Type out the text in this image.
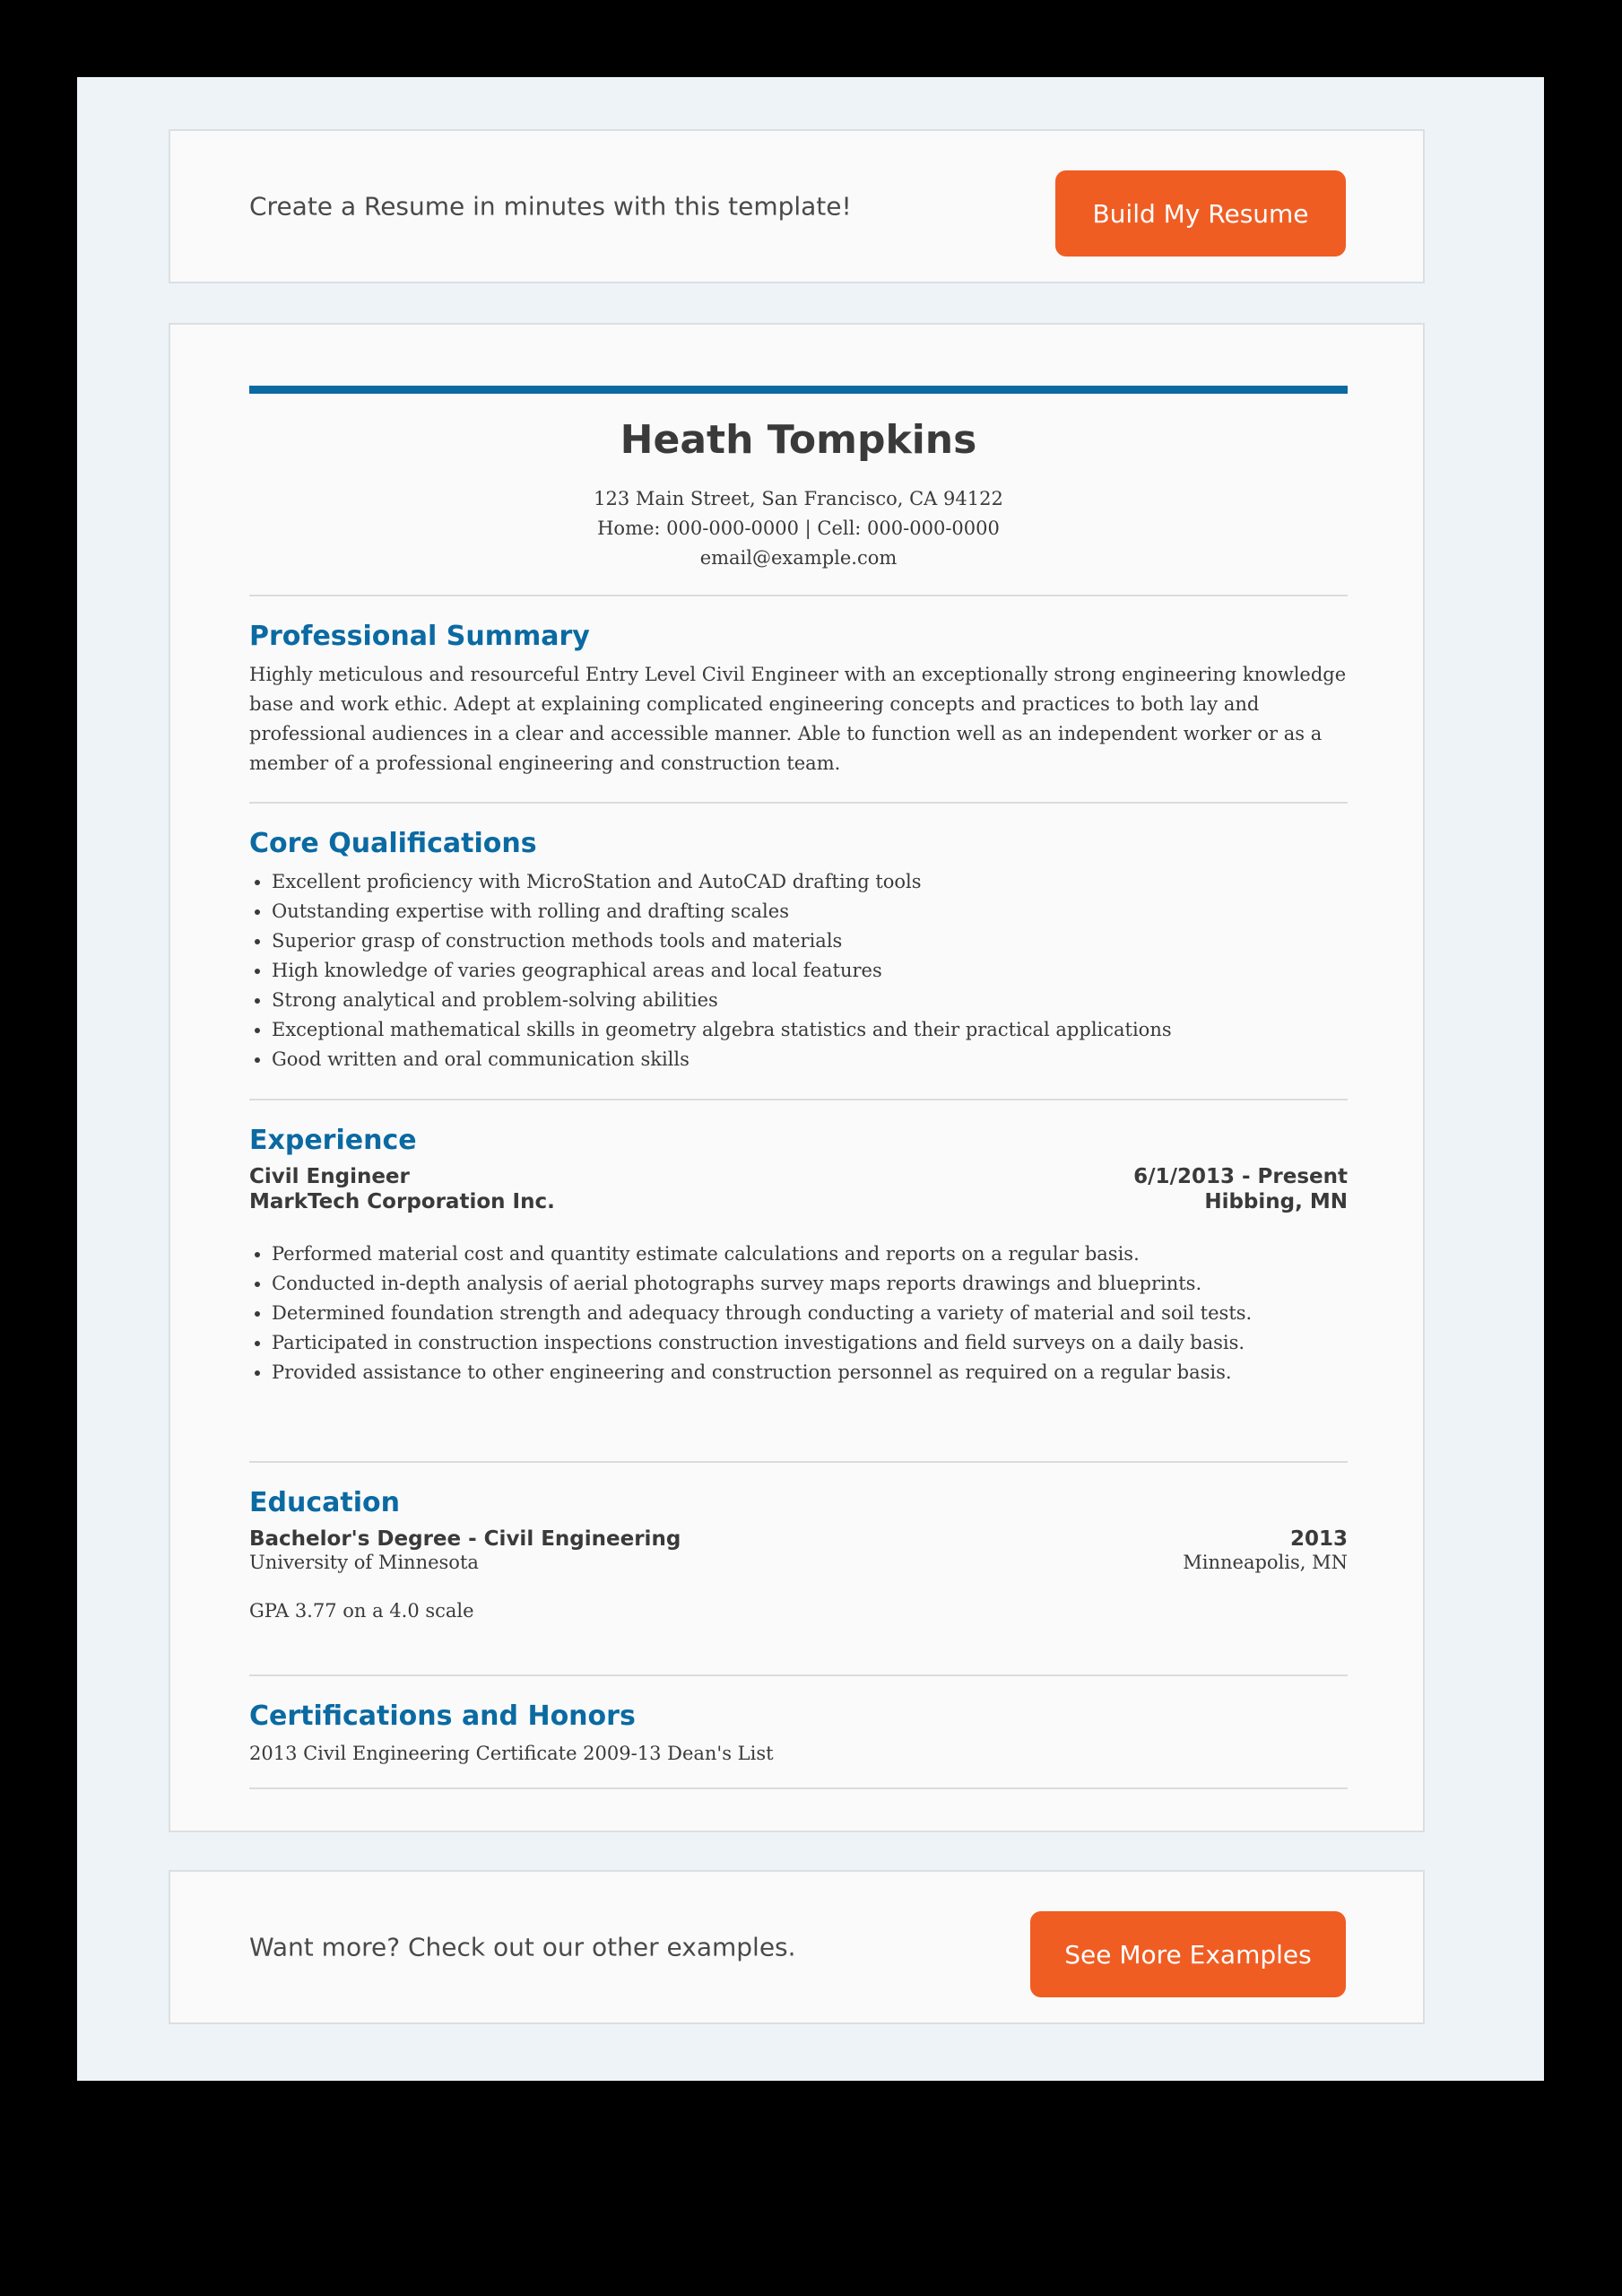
Create a Resume in minutes with this template!	Build My Resume
Heath Tompkins
123 Main Street, San Francisco, CA 94122
Home: 000-000-0000 | Cell: 000-000-0000
email@example.com
Professional Summary
Highly meticulous and resourceful Entry Level Civil Engineer with an exceptionally strong engineering knowledge base and work ethic. Adept at explaining complicated engineering concepts and practices to both lay and professional audiences in a clear and accessible manner. Able to function well as an independent worker or as a member of a professional engineering and construction team.
Core Qualifications
• Excellent proficiency with MicroStation and AutoCAD drafting tools
• Outstanding expertise with rolling and drafting scales
• Superior grasp of construction methods tools and materials
• High knowledge of varies geographical areas and local features
• Strong analytical and problem-solving abilities
• Exceptional mathematical skills in geometry algebra statistics and their practical applications
• Good written and oral communication skills
Experience
Civil Engineer	6/1/2013 - Present
MarkTech Corporation Inc.	Hibbing, MN
• Performed material cost and quantity estimate calculations and reports on a regular basis.
• Conducted in-depth analysis of aerial photographs survey maps reports drawings and blueprints.
• Determined foundation strength and adequacy through conducting a variety of material and soil tests.
• Participated in construction inspections construction investigations and field surveys on a daily basis.
• Provided assistance to other engineering and construction personnel as required on a regular basis.
Education
Bachelor's Degree - Civil Engineering	2013
University of Minnesota	Minneapolis, MN
GPA 3.77 on a 4.0 scale
Certifications and Honors
2013 Civil Engineering Certificate 2009-13 Dean's List
Want more? Check out our other examples.	See More Examples
